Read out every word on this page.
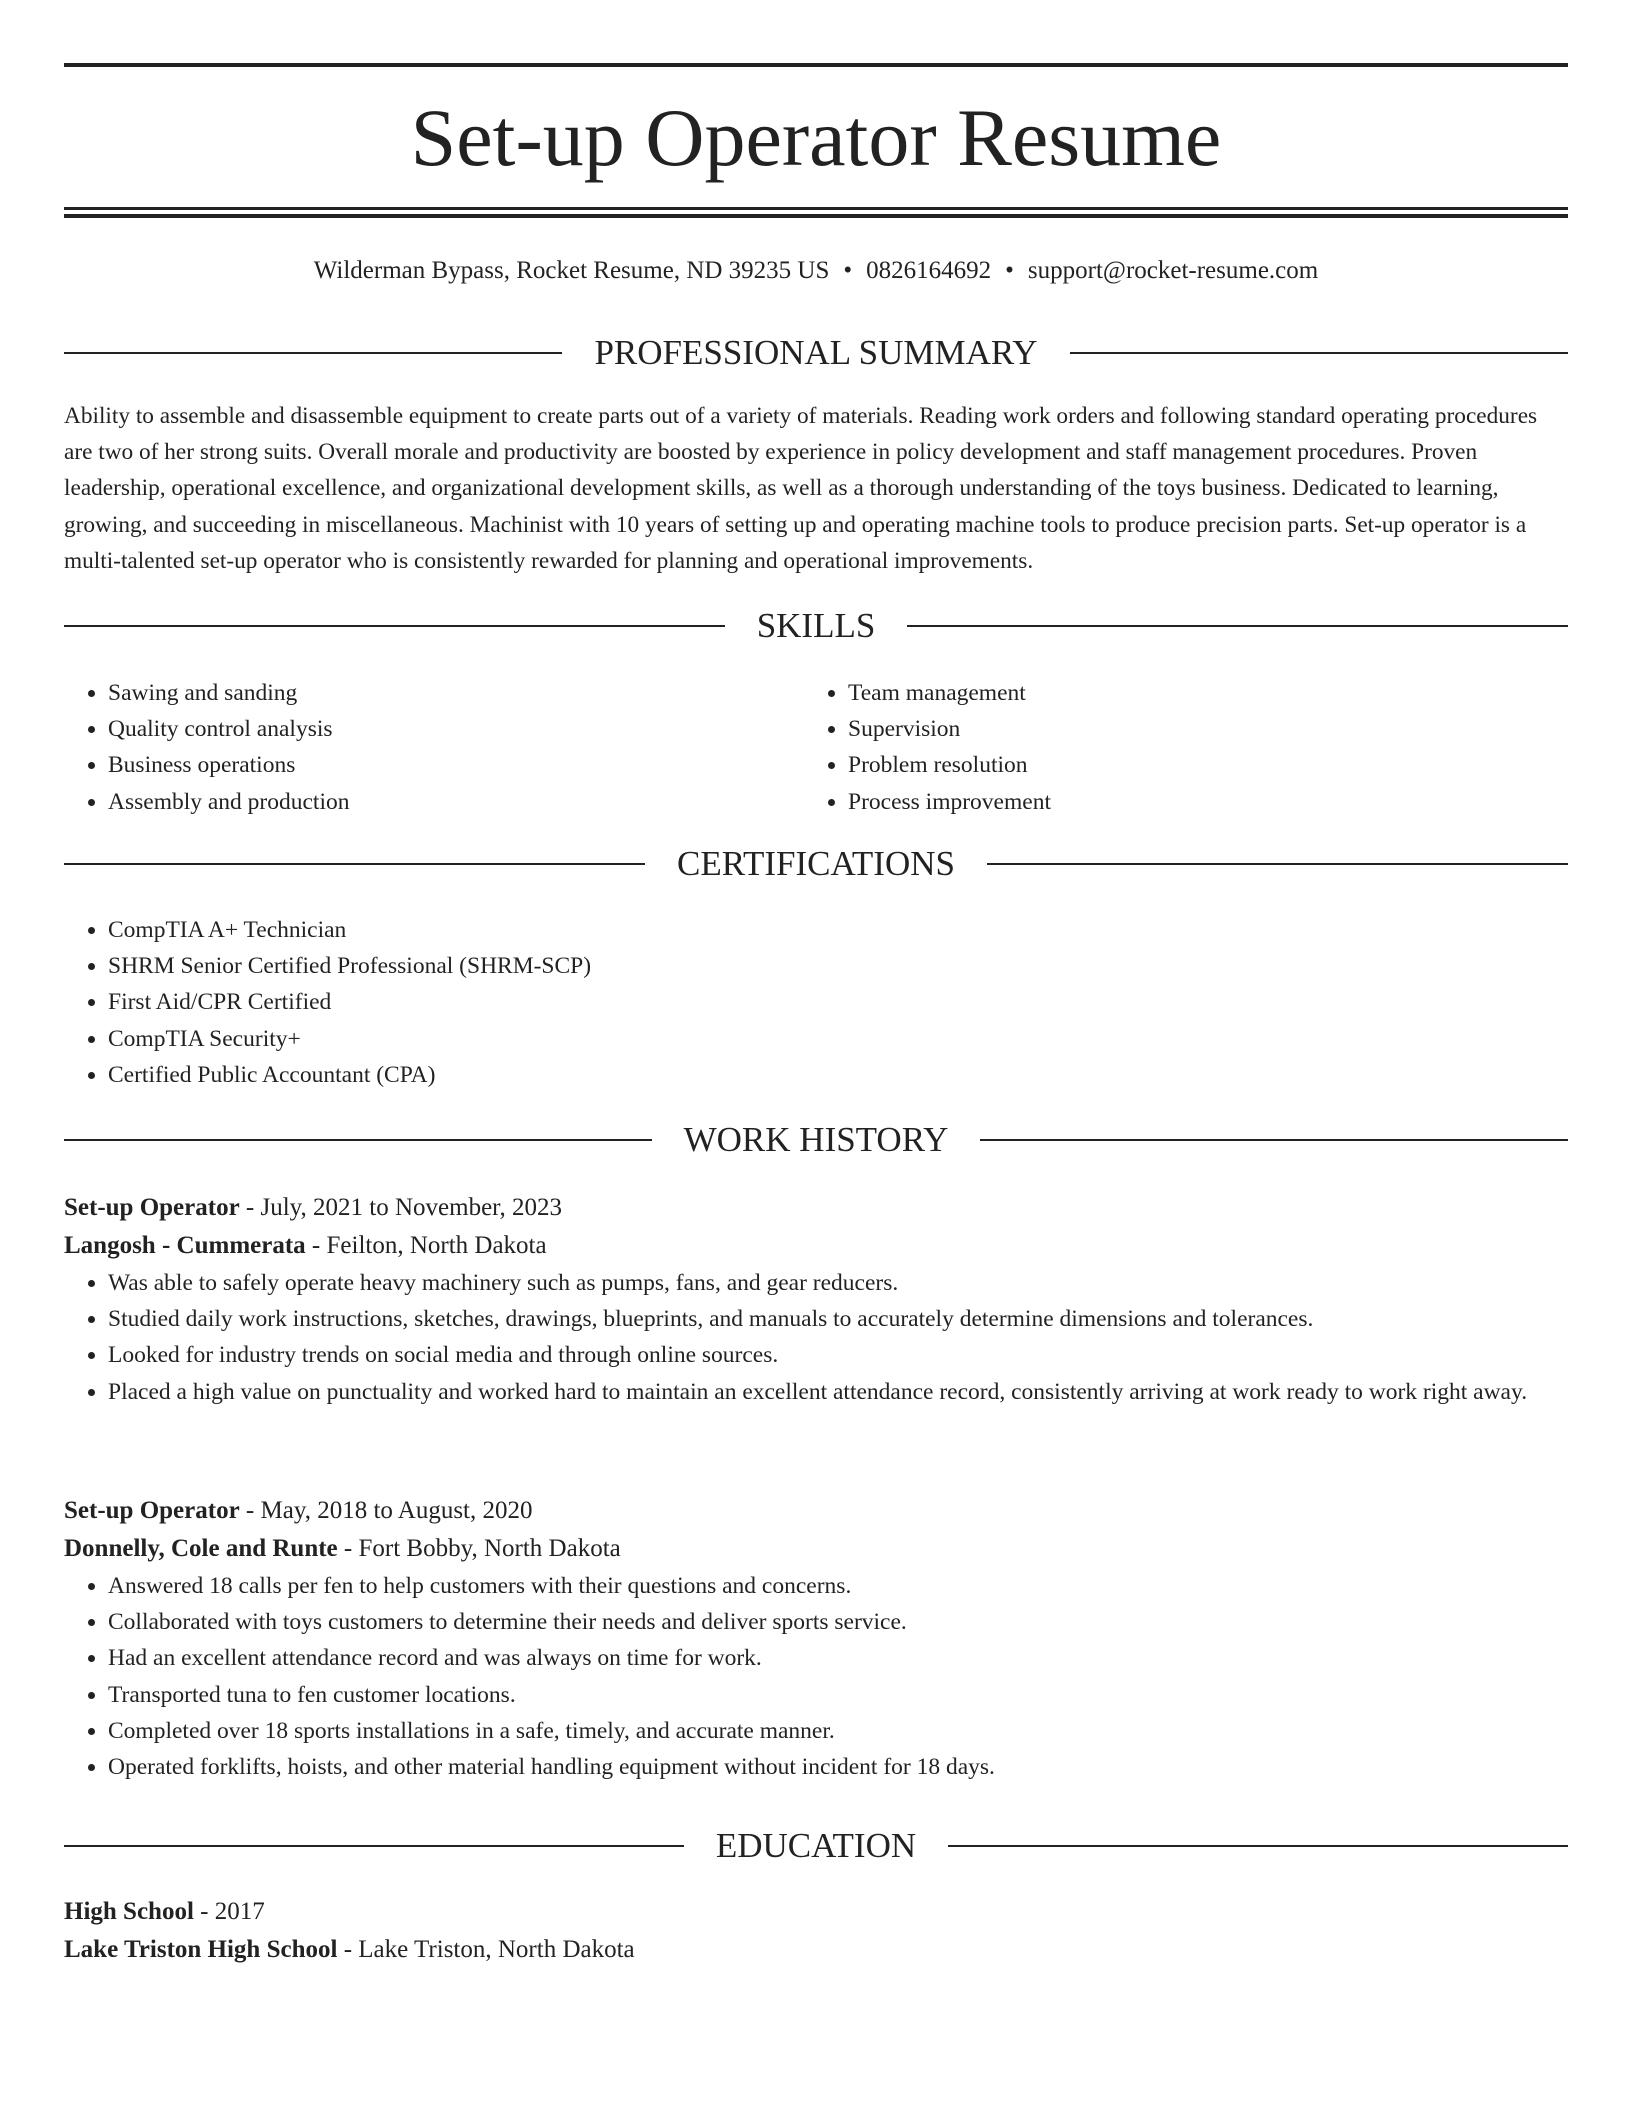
Set-up Operator Resume
Wilderman Bypass, Rocket Resume, ND 39235 US • 0826164692 • support@rocket-resume.com
PROFESSIONAL SUMMARY

Ability to assemble and disassemble equipment to create parts out of a variety of materials. Reading work orders and following standard operating procedures are two of her strong suits. Overall morale and productivity are boosted by experience in policy development and staff management procedures. Proven leadership, operational excellence, and organizational development skills, as well as a thorough understanding of the toys business. Dedicated to learning, growing, and succeeding in miscellaneous. Machinist with 10 years of setting up and operating machine tools to produce precision parts. Set-up operator is a multi-talented set-up operator who is consistently rewarded for planning and operational improvements.

SKILLS
• Sawing and sanding
• Quality control analysis
• Business operations
• Assembly and production
• Team management
• Supervision
• Problem resolution
• Process improvement
CERTIFICATIONS
• CompTIA A+ Technician
• SHRM Senior Certified Professional (SHRM-SCP)
• First Aid/CPR Certified
• CompTIA Security+
• Certified Public Accountant (CPA)
WORK HISTORY
Set-up Operator - July, 2021 to November, 2023
Langosh - Cummerata - Feilton, North Dakota
• Was able to safely operate heavy machinery such as pumps, fans, and gear reducers.
• Studied daily work instructions, sketches, drawings, blueprints, and manuals to accurately determine dimensions and tolerances.
• Looked for industry trends on social media and through online sources.
• Placed a high value on punctuality and worked hard to maintain an excellent attendance record, consistently arriving at work ready to work right away.
Set-up Operator - May, 2018 to August, 2020
Donnelly, Cole and Runte - Fort Bobby, North Dakota
• Answered 18 calls per fen to help customers with their questions and concerns.
• Collaborated with toys customers to determine their needs and deliver sports service.
• Had an excellent attendance record and was always on time for work.
• Transported tuna to fen customer locations.
• Completed over 18 sports installations in a safe, timely, and accurate manner.
• Operated forklifts, hoists, and other material handling equipment without incident for 18 days.
EDUCATION
High School - 2017
Lake Triston High School - Lake Triston, North Dakota
